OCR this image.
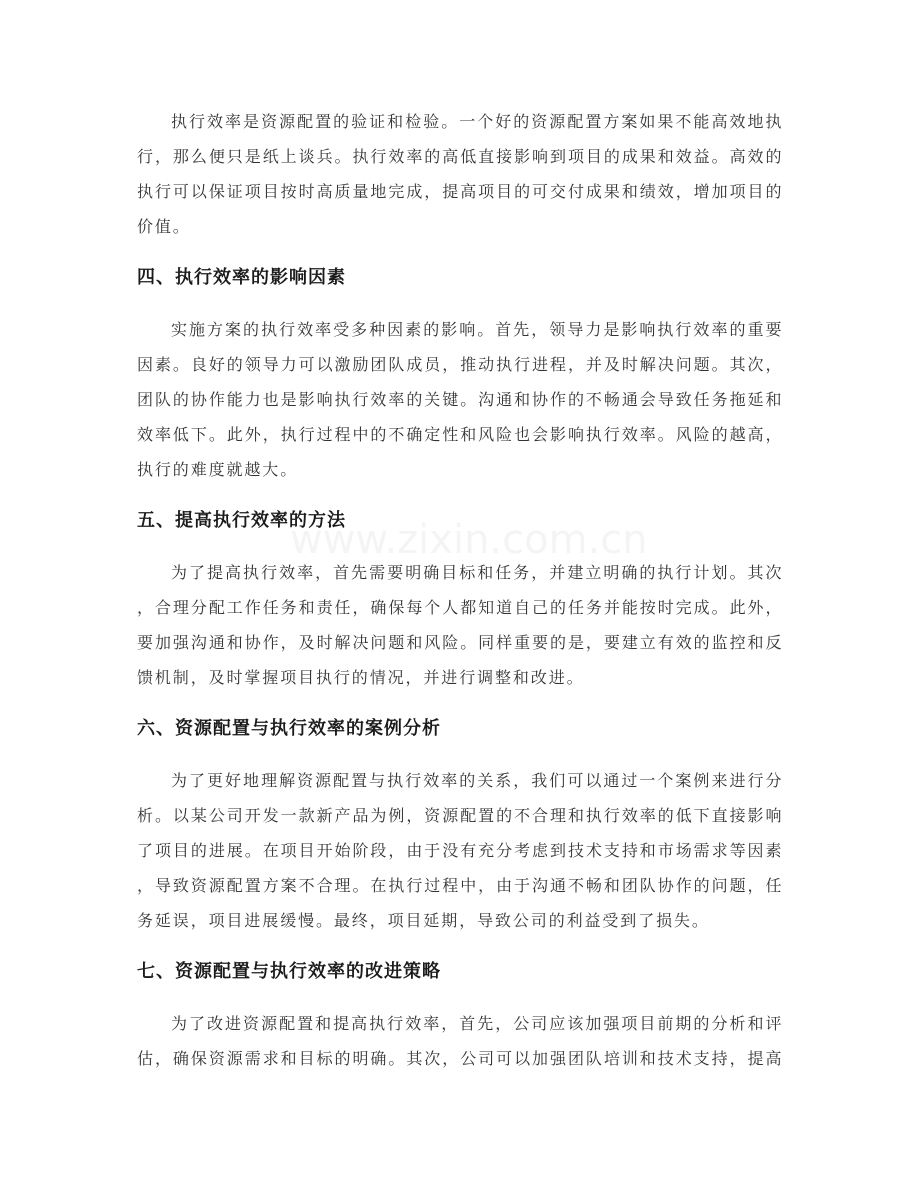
执行效率是资源配置的验证和检验。一个好的资源配置方案如果不能高效地执
行，那么便只是纸上谈兵。执行效率的高低直接影响到项目的成果和效益。高效的
执行可以保证项目按时高质量地完成，提高项目的可交付成果和绩效，增加项目的
价值。
四、执行效率的影响因素
实施方案的执行效率受多种因素的影响。首先，领导力是影响执行效率的重要
因素。良好的领导力可以激励团队成员，推动执行进程，并及时解决问题。其次，
团队的协作能力也是影响执行效率的关键。沟通和协作的不畅通会导致任务拖延和
效率低下。此外，执行过程中的不确定性和风险也会影响执行效率。风险的越高，
执行的难度就越大。
五、提高执行效率的方法
为了提高执行效率，首先需要明确目标和任务，并建立明确的执行计划。其次
，合理分配工作任务和责任，确保每个人都知道自己的任务并能按时完成。此外，
要加强沟通和协作，及时解决问题和风险。同样重要的是，要建立有效的监控和反
馈机制，及时掌握项目执行的情况，并进行调整和改进。
六、资源配置与执行效率的案例分析
为了更好地理解资源配置与执行效率的关系，我们可以通过一个案例来进行分
析。以某公司开发一款新产品为例，资源配置的不合理和执行效率的低下直接影响
了项目的进展。在项目开始阶段，由于没有充分考虑到技术支持和市场需求等因素
，导致资源配置方案不合理。在执行过程中，由于沟通不畅和团队协作的问题，任
务延误，项目进展缓慢。最终，项目延期，导致公司的利益受到了损失。
七、资源配置与执行效率的改进策略
为了改进资源配置和提高执行效率，首先，公司应该加强项目前期的分析和评
估，确保资源需求和目标的明确。其次，公司可以加强团队培训和技术支持，提高
